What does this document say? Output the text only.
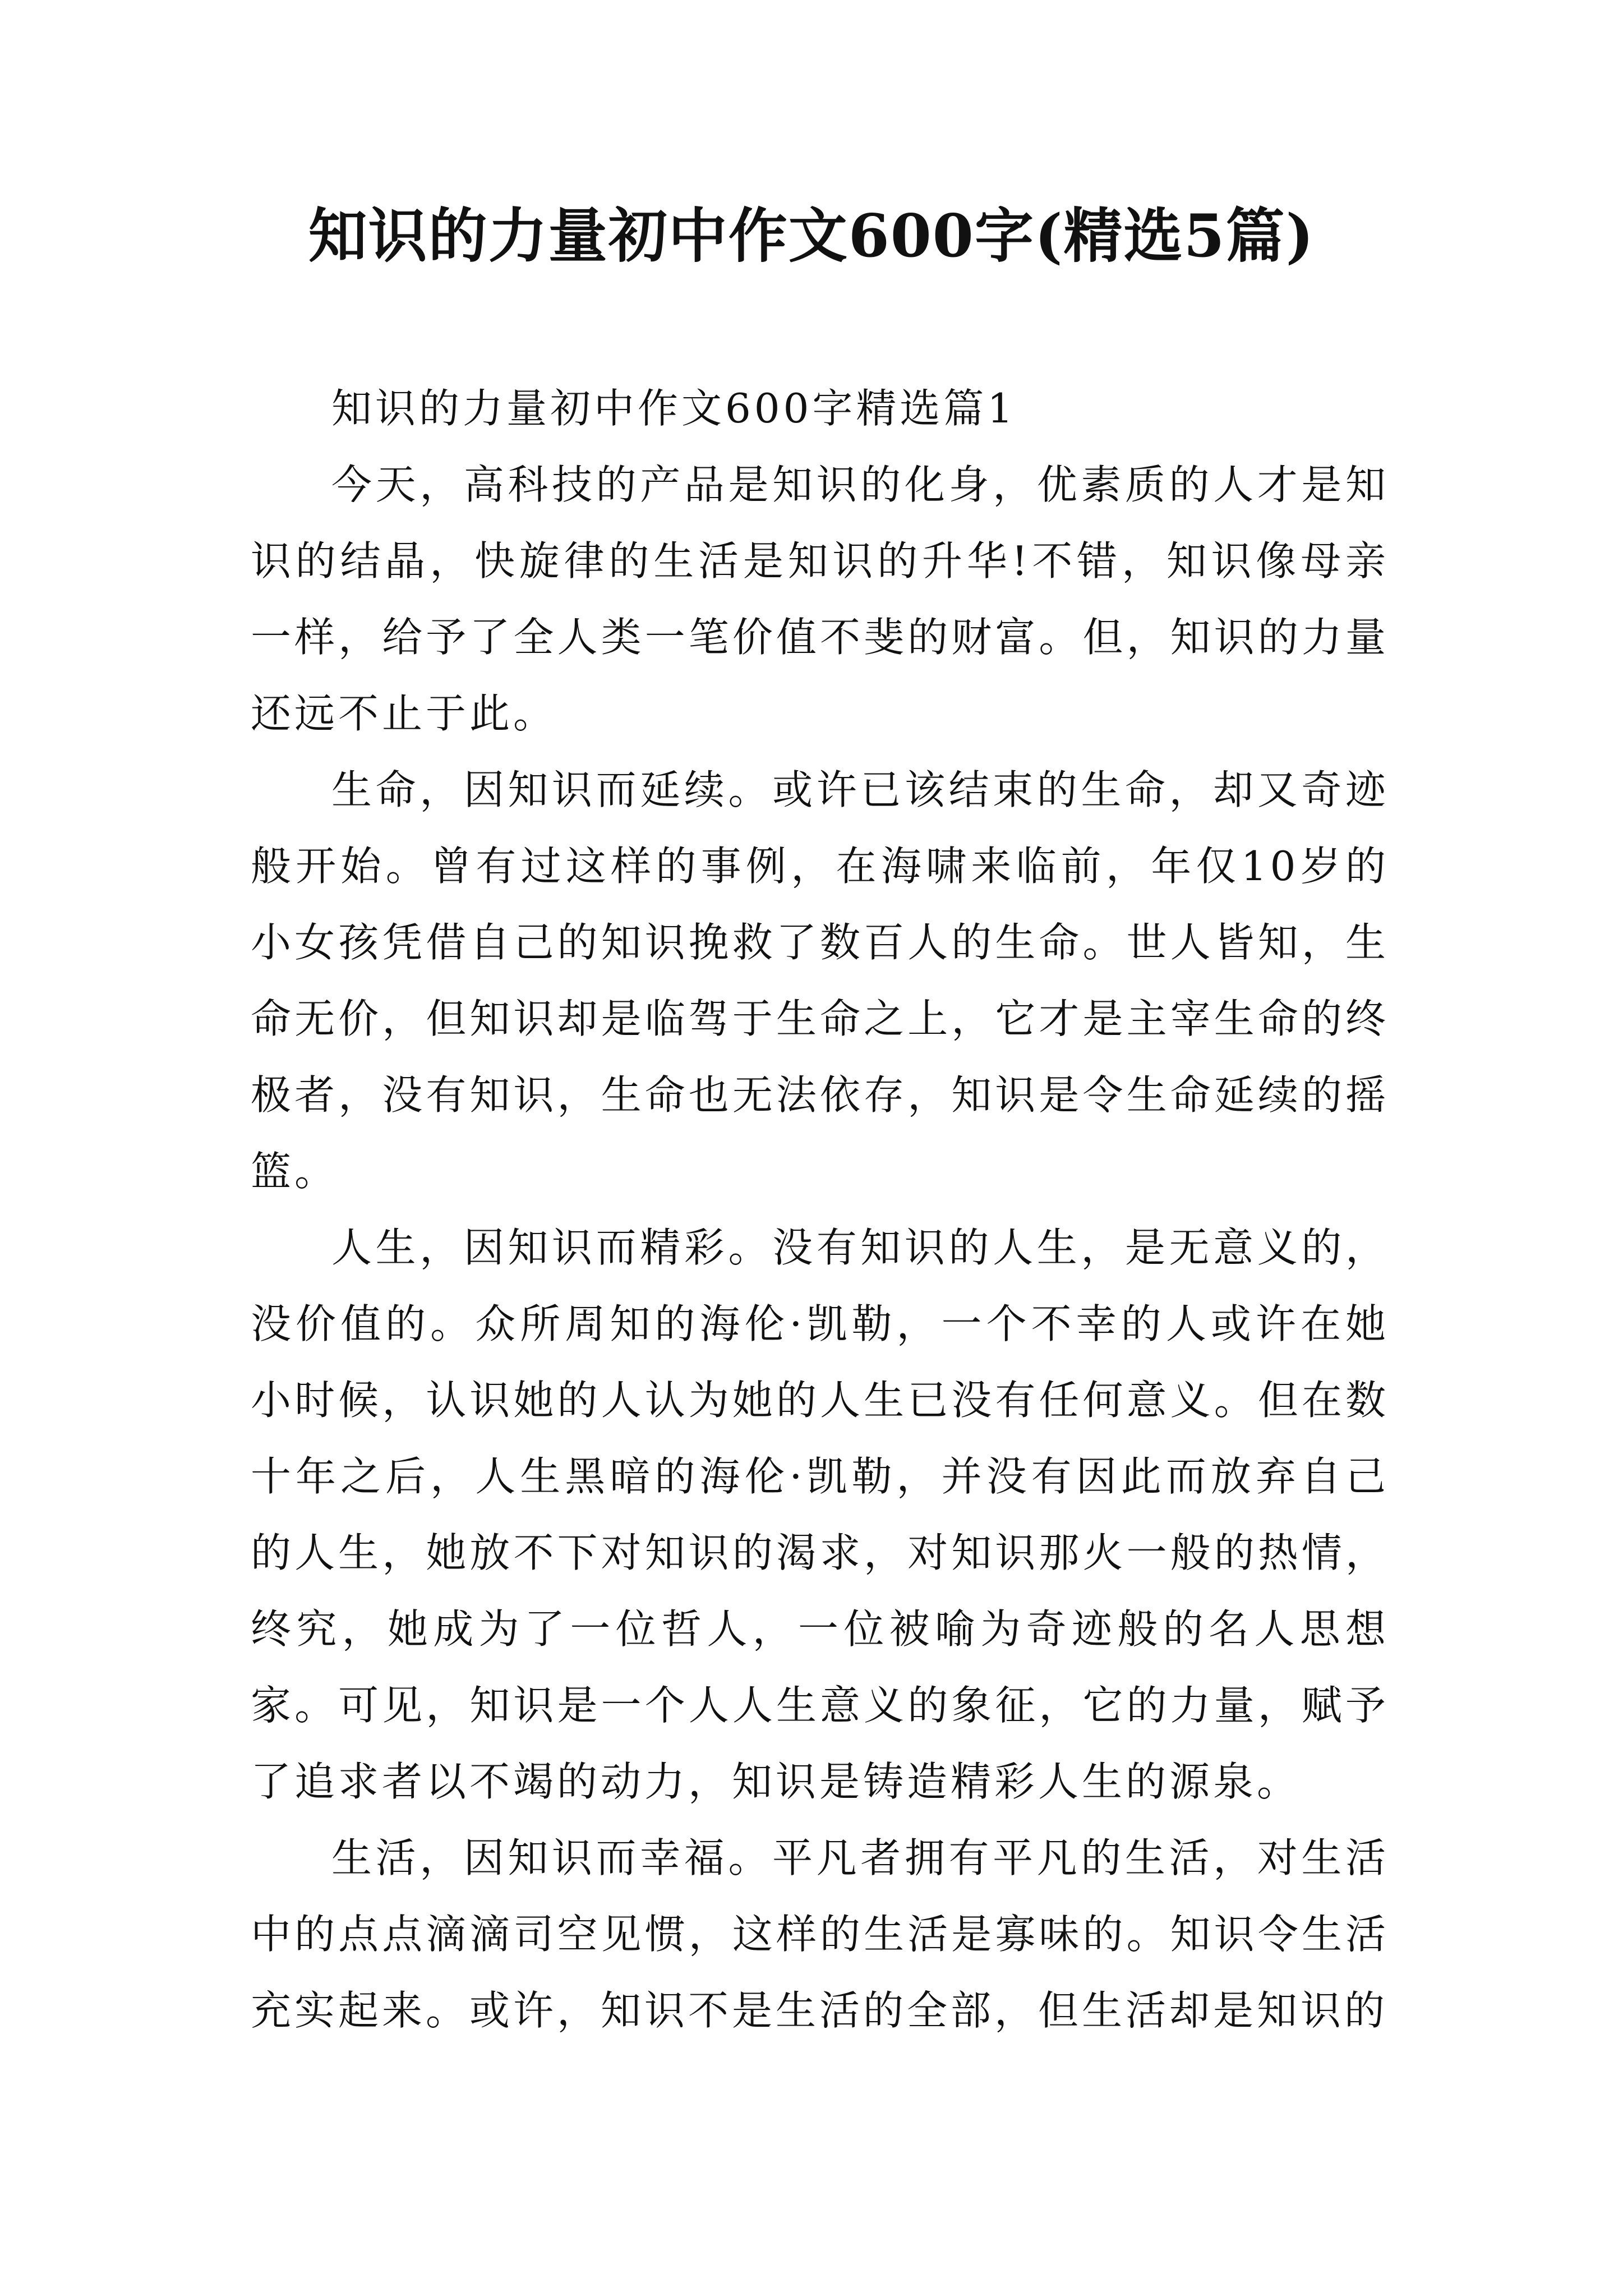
知识的力量初中作文600字(精选5篇)

知识的力量初中作文600字精选篇1

今天，高科技的产品是知识的化身，优素质的人才是知识的结晶，快旋律的生活是知识的升华!不错，知识像母亲一样，给予了全人类一笔价值不斐的财富。但，知识的力量还远不止于此。

生命，因知识而延续。或许已该结束的生命，却又奇迹般开始。曾有过这样的事例，在海啸来临前，年仅10岁的小女孩凭借自己的知识挽救了数百人的生命。世人皆知，生命无价，但知识却是临驾于生命之上，它才是主宰生命的终极者，没有知识，生命也无法依存，知识是令生命延续的摇篮。

人生，因知识而精彩。没有知识的人生，是无意义的，没价值的。众所周知的海伦·凯勒，一个不幸的人或许在她小时候，认识她的人认为她的人生已没有任何意义。但在数十年之后，人生黑暗的海伦·凯勒，并没有因此而放弃自己的人生，她放不下对知识的渴求，对知识那火一般的热情，终究，她成为了一位哲人，一位被喻为奇迹般的名人思想家。可见，知识是一个人人生意义的象征，它的力量，赋予了追求者以不竭的动力，知识是铸造精彩人生的源泉。

生活，因知识而幸福。平凡者拥有平凡的生活，对生活中的点点滴滴司空见惯，这样的生活是寡味的。知识令生活充实起来。或许，知识不是生活的全部，但生活却是知识的
